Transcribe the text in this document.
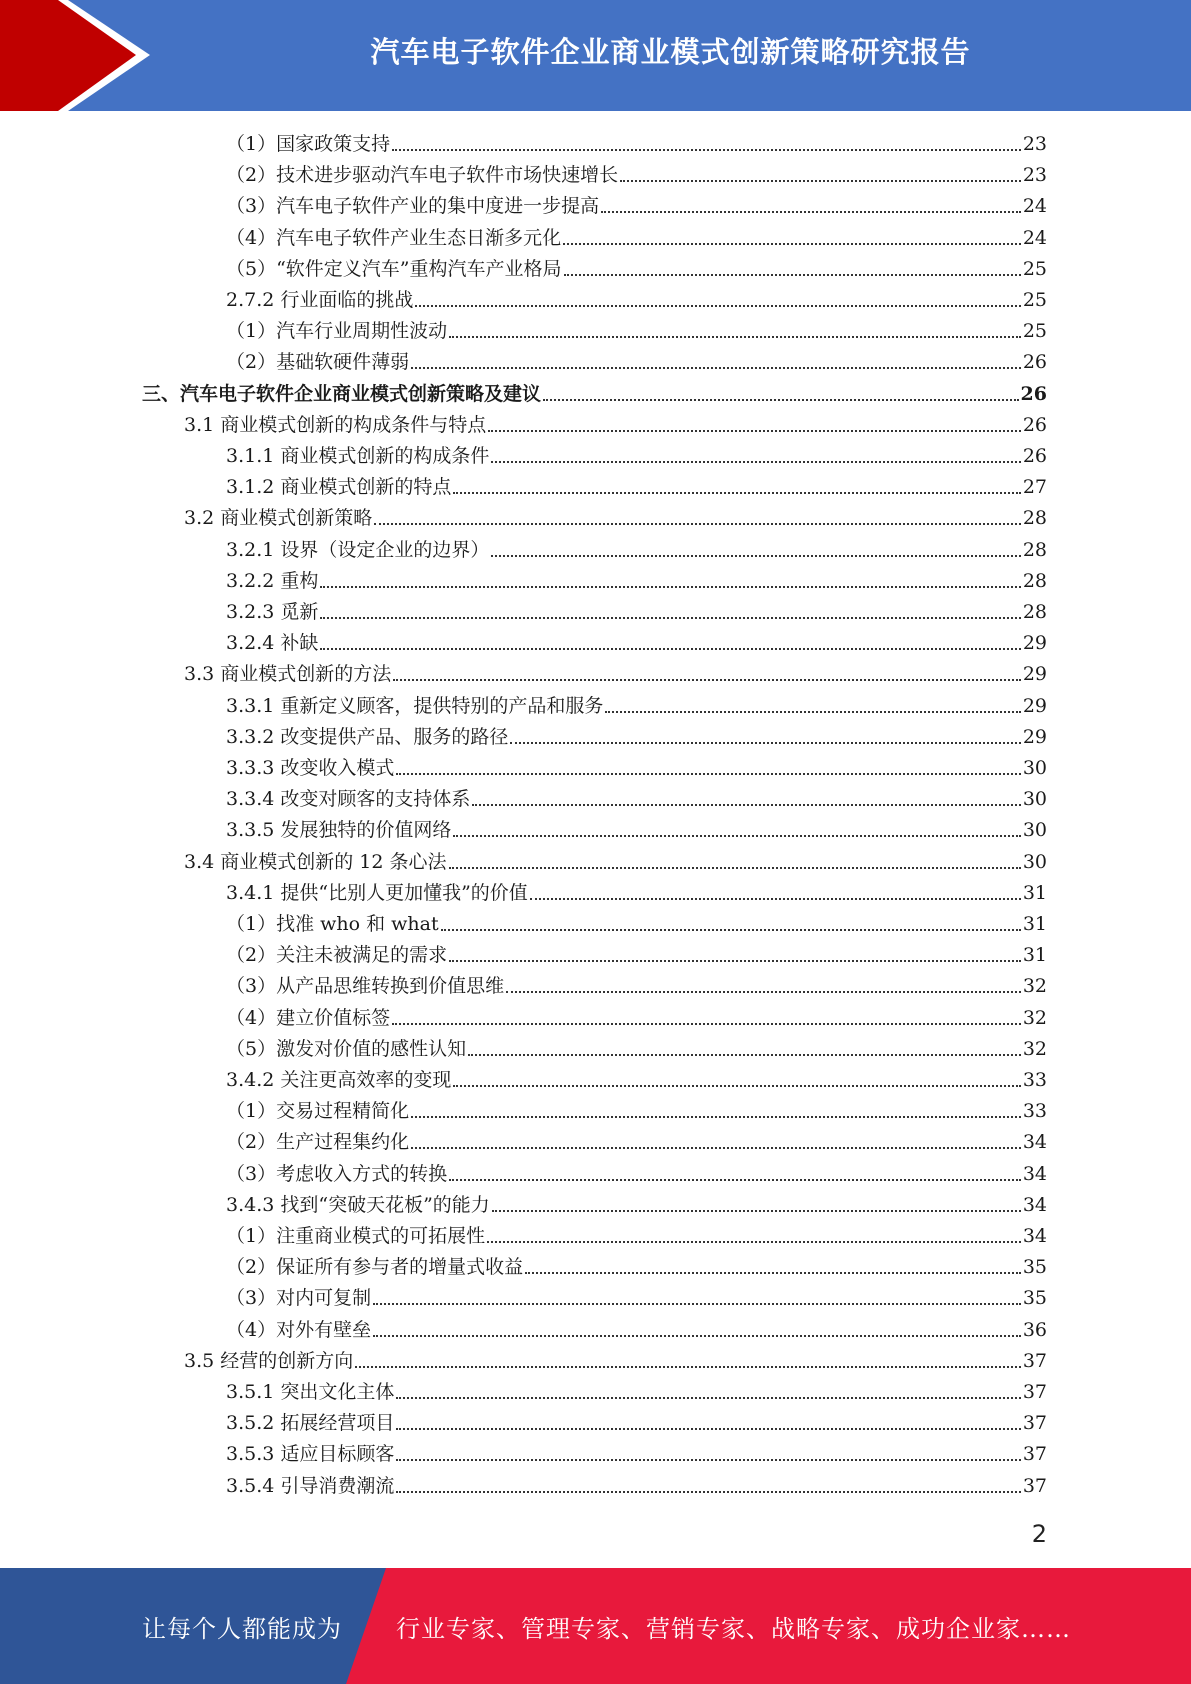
汽车电子软件企业商业模式创新策略研究报告
（1）国家政策支持	23
（2）技术进步驱动汽车电子软件市场快速增长	23
（3）汽车电子软件产业的集中度进一步提高	24
（4）汽车电子软件产业生态日渐多元化	24
（5）“软件定义汽车”重构汽车产业格局	25
2.7.2 行业面临的挑战	25
（1）汽车行业周期性波动	25
（2）基础软硬件薄弱	26
三、汽车电子软件企业商业模式创新策略及建议	26
3.1 商业模式创新的构成条件与特点	26
3.1.1 商业模式创新的构成条件	26
3.1.2 商业模式创新的特点	27
3.2 商业模式创新策略	28
3.2.1 设界（设定企业的边界）	28
3.2.2 重构	28
3.2.3 觅新	28
3.2.4 补缺	29
3.3 商业模式创新的方法	29
3.3.1 重新定义顾客，提供特别的产品和服务	29
3.3.2 改变提供产品、服务的路径	29
3.3.3 改变收入模式	30
3.3.4 改变对顾客的支持体系	30
3.3.5 发展独特的价值网络	30
3.4 商业模式创新的 12 条心法	30
3.4.1 提供“比别人更加懂我”的价值	31
（1）找准 who 和 what	31
（2）关注未被满足的需求	31
（3）从产品思维转换到价值思维	32
（4）建立价值标签	32
（5）激发对价值的感性认知	32
3.4.2 关注更高效率的变现	33
（1）交易过程精简化	33
（2）生产过程集约化	34
（3）考虑收入方式的转换	34
3.4.3 找到“突破天花板”的能力	34
（1）注重商业模式的可拓展性	34
（2）保证所有参与者的增量式收益	35
（3）对内可复制	35
（4）对外有壁垒	36
3.5 经营的创新方向	37
3.5.1 突出文化主体	37
3.5.2 拓展经营项目	37
3.5.3 适应目标顾客	37
3.5.4 引导消费潮流	37
2
让每个人都能成为 行业专家、管理专家、营销专家、战略专家、成功企业家……
